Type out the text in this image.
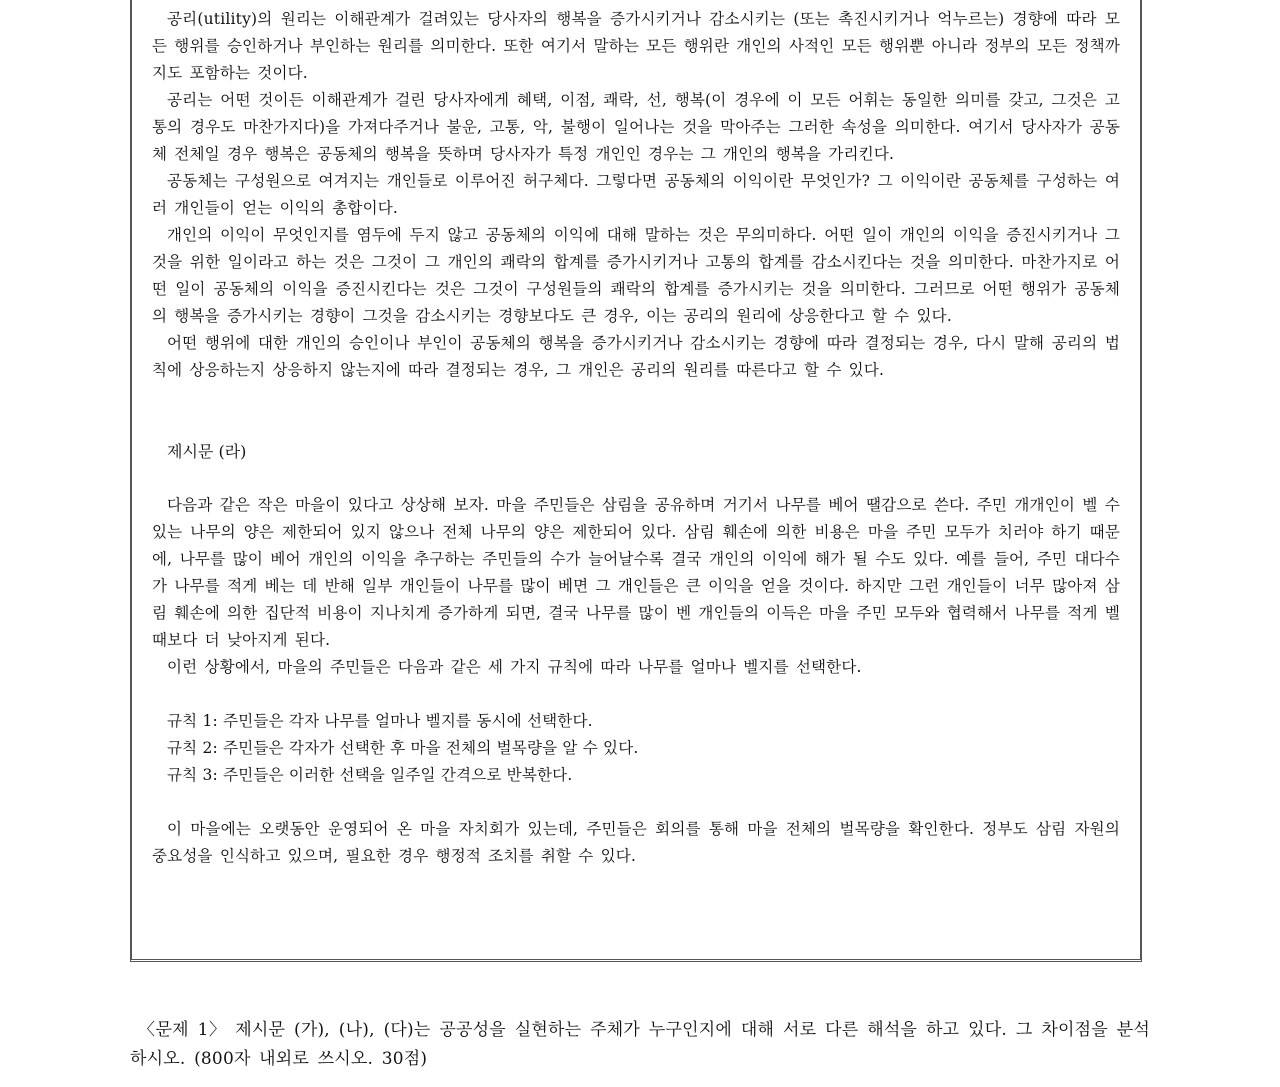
공리(utility)의 원리는 이해관계가 걸려있는 당사자의 행복을 증가시키거나 감소시키는 (또는 촉진시키거나 억누르는) 경향에 따라 모든 행위를 승인하거나 부인하는 원리를 의미한다. 또한 여기서 말하는 모든 행위란 개인의 사적인 모든 행위뿐 아니라 정부의 모든 정책까지도 포함하는 것이다.

공리는 어떤 것이든 이해관계가 걸린 당사자에게 혜택, 이점, 쾌락, 선, 행복(이 경우에 이 모든 어휘는 동일한 의미를 갖고, 그것은 고통의 경우도 마찬가지다)을 가져다주거나 불운, 고통, 악, 불행이 일어나는 것을 막아주는 그러한 속성을 의미한다. 여기서 당사자가 공동체 전체일 경우 행복은 공동체의 행복을 뜻하며 당사자가 특정 개인인 경우는 그 개인의 행복을 가리킨다.

공동체는 구성원으로 여겨지는 개인들로 이루어진 허구체다. 그렇다면 공동체의 이익이란 무엇인가? 그 이익이란 공동체를 구성하는 여러 개인들이 얻는 이익의 총합이다.

개인의 이익이 무엇인지를 염두에 두지 않고 공동체의 이익에 대해 말하는 것은 무의미하다. 어떤 일이 개인의 이익을 증진시키거나 그것을 위한 일이라고 하는 것은 그것이 그 개인의 쾌락의 합계를 증가시키거나 고통의 합계를 감소시킨다는 것을 의미한다. 마찬가지로 어떤 일이 공동체의 이익을 증진시킨다는 것은 그것이 구성원들의 쾌락의 합계를 증가시키는 것을 의미한다. 그러므로 어떤 행위가 공동체의 행복을 증가시키는 경향이 그것을 감소시키는 경향보다도 큰 경우, 이는 공리의 원리에 상응한다고 할 수 있다.

어떤 행위에 대한 개인의 승인이나 부인이 공동체의 행복을 증가시키거나 감소시키는 경향에 따라 결정되는 경우, 다시 말해 공리의 법칙에 상응하는지 상응하지 않는지에 따라 결정되는 경우, 그 개인은 공리의 원리를 따른다고 할 수 있다.

제시문 (라)

다음과 같은 작은 마을이 있다고 상상해 보자. 마을 주민들은 삼림을 공유하며 거기서 나무를 베어 땔감으로 쓴다. 주민 개개인이 벨 수 있는 나무의 양은 제한되어 있지 않으나 전체 나무의 양은 제한되어 있다. 삼림 훼손에 의한 비용은 마을 주민 모두가 치러야 하기 때문에, 나무를 많이 베어 개인의 이익을 추구하는 주민들의 수가 늘어날수록 결국 개인의 이익에 해가 될 수도 있다. 예를 들어, 주민 대다수가 나무를 적게 베는 데 반해 일부 개인들이 나무를 많이 베면 그 개인들은 큰 이익을 얻을 것이다. 하지만 그런 개인들이 너무 많아져 삼림 훼손에 의한 집단적 비용이 지나치게 증가하게 되면, 결국 나무를 많이 벤 개인들의 이득은 마을 주민 모두와 협력해서 나무를 적게 벨 때보다 더 낮아지게 된다.

이런 상황에서, 마을의 주민들은 다음과 같은 세 가지 규칙에 따라 나무를 얼마나 벨지를 선택한다.

규칙 1: 주민들은 각자 나무를 얼마나 벨지를 동시에 선택한다.

규칙 2: 주민들은 각자가 선택한 후 마을 전체의 벌목량을 알 수 있다.

규칙 3: 주민들은 이러한 선택을 일주일 간격으로 반복한다.

이 마을에는 오랫동안 운영되어 온 마을 자치회가 있는데, 주민들은 회의를 통해 마을 전체의 벌목량을 확인한다. 정부도 삼림 자원의 중요성을 인식하고 있으며, 필요한 경우 행정적 조치를 취할 수 있다.

〈문제 1〉 제시문 (가), (나), (다)는 공공성을 실현하는 주체가 누구인지에 대해 서로 다른 해석을 하고 있다. 그 차이점을 분석하시오. (800자 내외로 쓰시오. 30점)
